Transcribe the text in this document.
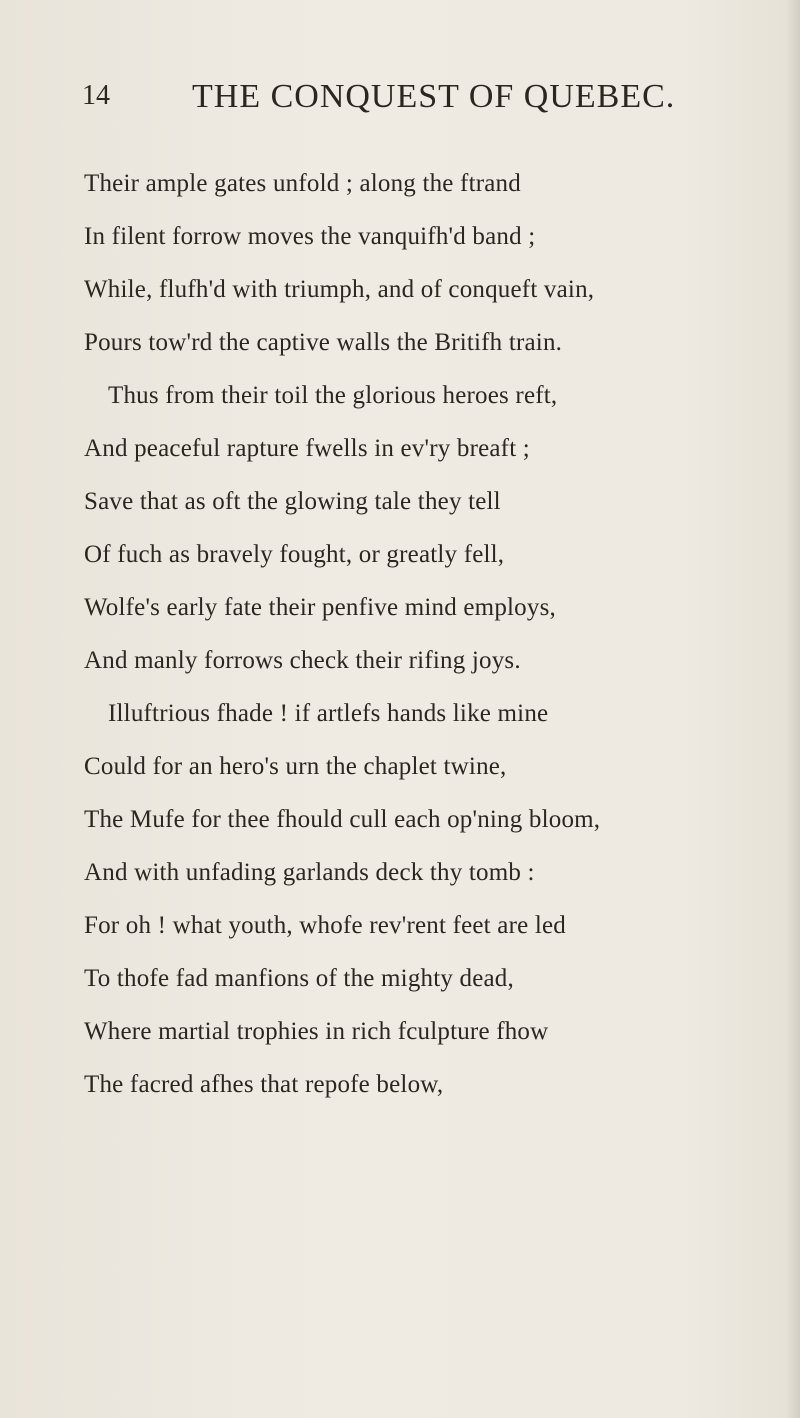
14 THE CONQUEST OF QUEBEC.
Their ample gates unfold ; along the ftrand
In filent forrow moves the vanquifh'd band ;
While, flufh'd with triumph, and of conqueft vain,
Pours tow'rd the captive walls the Britifh train.
Thus from their toil the glorious heroes reft,
And peaceful rapture fwells in ev'ry breaft ;
Save that as oft the glowing tale they tell
Of fuch as bravely fought, or greatly fell,
Wolfe's early fate their penfive mind employs,
And manly forrows check their rifing joys.
Illuftrious fhade ! if artlefs hands like mine
Could for an hero's urn the chaplet twine,
The Mufe for thee fhould cull each op'ning bloom,
And with unfading garlands deck thy tomb :
For oh ! what youth, whofe rev'rent feet are led
To thofe fad manfions of the mighty dead,
Where martial trophies in rich fculpture fhow
The facred afhes that repofe below,
